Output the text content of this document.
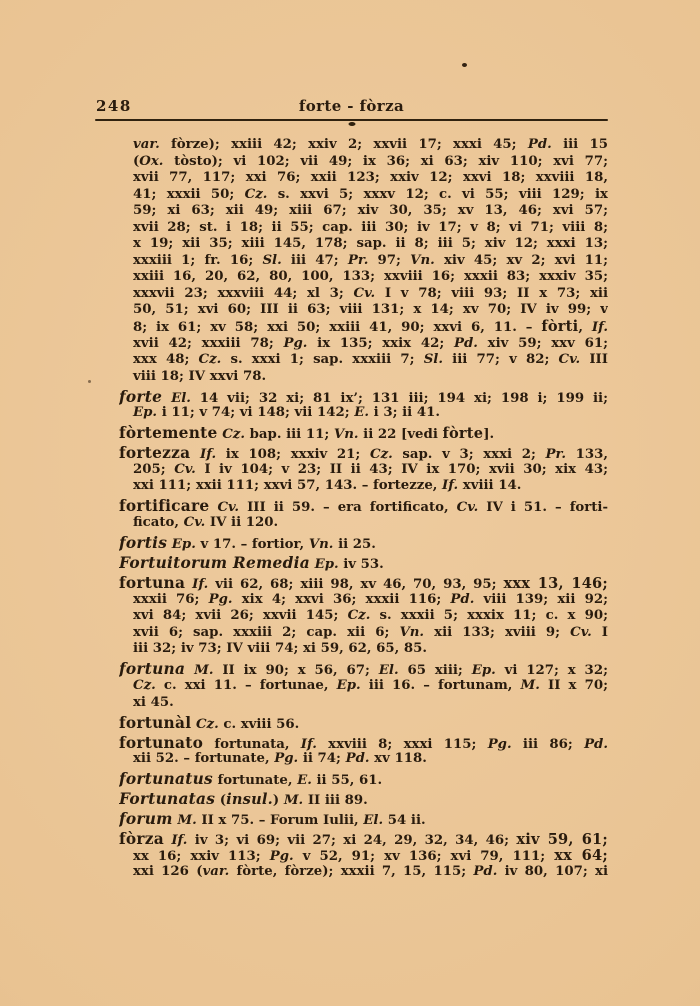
248	forte - fòrza

var. fòrze); xxiii 42; xxiv 2; xxvii 17; xxxi 45; Pd. iii 15
(Ox. tòsto); vi 102; vii 49; ix 36; xi 63; xiv 110; xvi 77;
xvii 77, 117; xxi 76; xxii 123; xxiv 12; xxvi 18; xxviii 18,
41; xxxii 50; Cz. s. xxvi 5; xxxv 12; c. vi 55; viii 129; ix
59; xi 63; xii 49; xiii 67; xiv 30, 35; xv 13, 46; xvi 57;
xvii 28; st. i 18; ii 55; cap. iii 30; iv 17; v 8; vi 71; viii 8;
x 19; xii 35; xiii 145, 178; sap. ii 8; iii 5; xiv 12; xxxi 13;
xxxiii 1; fr. 16; Sl. iii 47; Pr. 97; Vn. xiv 45; xv 2; xvi 11;
xxiii 16, 20, 62, 80, 100, 133; xxviii 16; xxxii 83; xxxiv 35;
xxxvii 23; xxxviii 44; xl 3; Cv. I v 78; viii 93; II x 73; xii
50, 51; xvi 60; III ii 63; viii 131; x 14; xv 70; IV iv 99; v
8; ix 61; xv 58; xxi 50; xxiii 41, 90; xxvi 6, 11. – fòrti, If.
xvii 42; xxxiii 78; Pg. ix 135; xxix 42; Pd. xiv 59; xxv 61;
xxx 48; Cz. s. xxxi 1; sap. xxxiii 7; Sl. iii 77; v 82; Cv. III
viii 18; IV xxvi 78.

forte El. 14 vii; 32 xi; 81 ix’; 131 iii; 194 xi; 198 i; 199 ii;
Ep. i 11; v 74; vi 148; vii 142; E. i 3; ii 41.

fòrtemente Cz. bap. iii 11; Vn. ii 22 [vedi fòrte].

fortezza If. ix 108; xxxiv 21; Cz. sap. v 3; xxxi 2; Pr. 133,
205; Cv. I iv 104; v 23; II ii 43; IV ix 170; xvii 30; xix 43;
xxi 111; xxii 111; xxvi 57, 143. – fortezze, If. xviii 14.

fortificare Cv. III ii 59. – era fortificato, Cv. IV i 51. – forti-
ficato, Cv. IV ii 120.

fortis Ep. v 17. – fortior, Vn. ii 25.

Fortuitorum Remedia Ep. iv 53.

fortuna If. vii 62, 68; xiii 98, xv 46, 70, 93, 95; xxx 13, 146;
xxxii 76; Pg. xix 4; xxvi 36; xxxii 116; Pd. viii 139; xii 92;
xvi 84; xvii 26; xxvii 145; Cz. s. xxxii 5; xxxix 11; c. x 90;
xvii 6; sap. xxxiii 2; cap. xii 6; Vn. xii 133; xviii 9; Cv. I
iii 32; iv 73; IV viii 74; xi 59, 62, 65, 85.

fortuna M. II ix 90; x 56, 67; El. 65 xiii; Ep. vi 127; x 32;
Cz. c. xxi 11. – fortunae, Ep. iii 16. – fortunam, M. II x 70;
xi 45.

fortunàl Cz. c. xviii 56.

fortunato fortunata, If. xxviii 8; xxxi 115; Pg. iii 86; Pd.
xii 52. – fortunate, Pg. ii 74; Pd. xv 118.

fortunatus fortunate, E. ii 55, 61.

Fortunatas (insul.) M. II iii 89.

forum M. II x 75. – Forum Iulii, El. 54 ii.

fòrza If. iv 3; vi 69; vii 27; xi 24, 29, 32, 34, 46; xiv 59, 61;
xx 16; xxiv 113; Pg. v 52, 91; xv 136; xvi 79, 111; xx 64;
xxi 126 (var. fòrte, fòrze); xxxii 7, 15, 115; Pd. iv 80, 107; xi
